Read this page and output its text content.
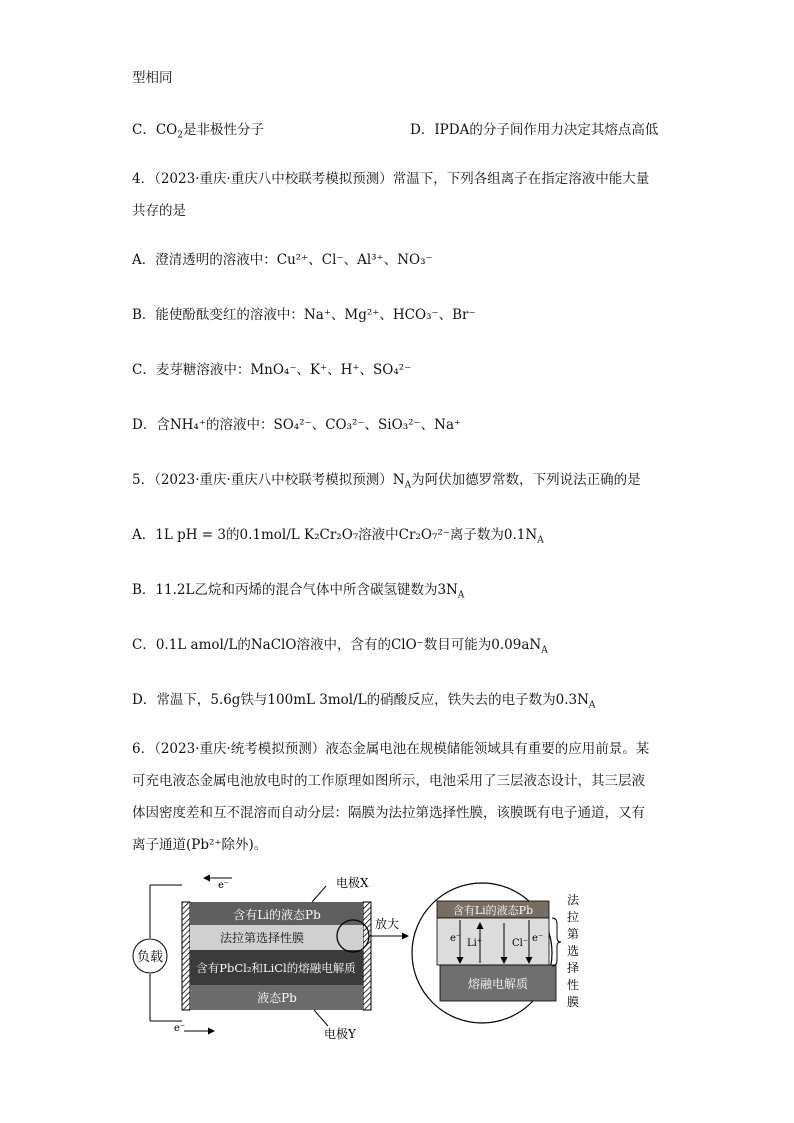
型相同
C．$CO_2$是非极性分子	D．IPDA的分子间作用力决定其熔点高低
4．（2023·重庆·重庆八中校联考模拟预测）常温下，下列各组离子在指定溶液中能大量
共存的是
A．澄清透明的溶液中：Cu²⁺、Cl⁻、Al³⁺、NO₃⁻
B．能使酚酞变红的溶液中：Na⁺、Mg²⁺、HCO₃⁻、Br⁻
C．麦芽糖溶液中：MnO₄⁻、K⁺、H⁺、SO₄²⁻
D．含NH₄⁺的溶液中：SO₄²⁻、CO₃²⁻、SiO₃²⁻、Na⁺
5．（2023·重庆·重庆八中校联考模拟预测）$N_A$为阿伏加德罗常数，下列说法正确的是
A．1L pH = 3的0.1mol/L K₂Cr₂O₇溶液中Cr₂O₇²⁻离子数为$0.1N_A$
B．11.2L乙烷和丙烯的混合气体中所含碳氢键数为$3N_A$
C．0.1L amol/L的NaClO溶液中，含有的ClO⁻数目可能为$0.09aN_A$
D．常温下，5.6g铁与100mL 3mol/L的硝酸反应，铁失去的电子数为$0.3N_A$
6．（2023·重庆·统考模拟预测）液态金属电池在规模储能领域具有重要的应用前景。某
可充电液态金属电池放电时的工作原理如图所示，电池采用了三层液态设计，其三层液
体因密度差和互不混溶而自动分层：隔膜为法拉第选择性膜，该膜既有电子通道，又有
离子通道(Pb²⁺除外)。
e⁻
e⁻
负载
含有Li的液态Pb
法拉第选择性膜
含有PbCl₂和LiCl的熔融电解质
液态Pb
电极X
电极Y
放大
含有Li的液态Pb
熔融电解质
e⁻ Li⁺	Cl⁻ e⁻
法
拉
第
选
择
性
膜
